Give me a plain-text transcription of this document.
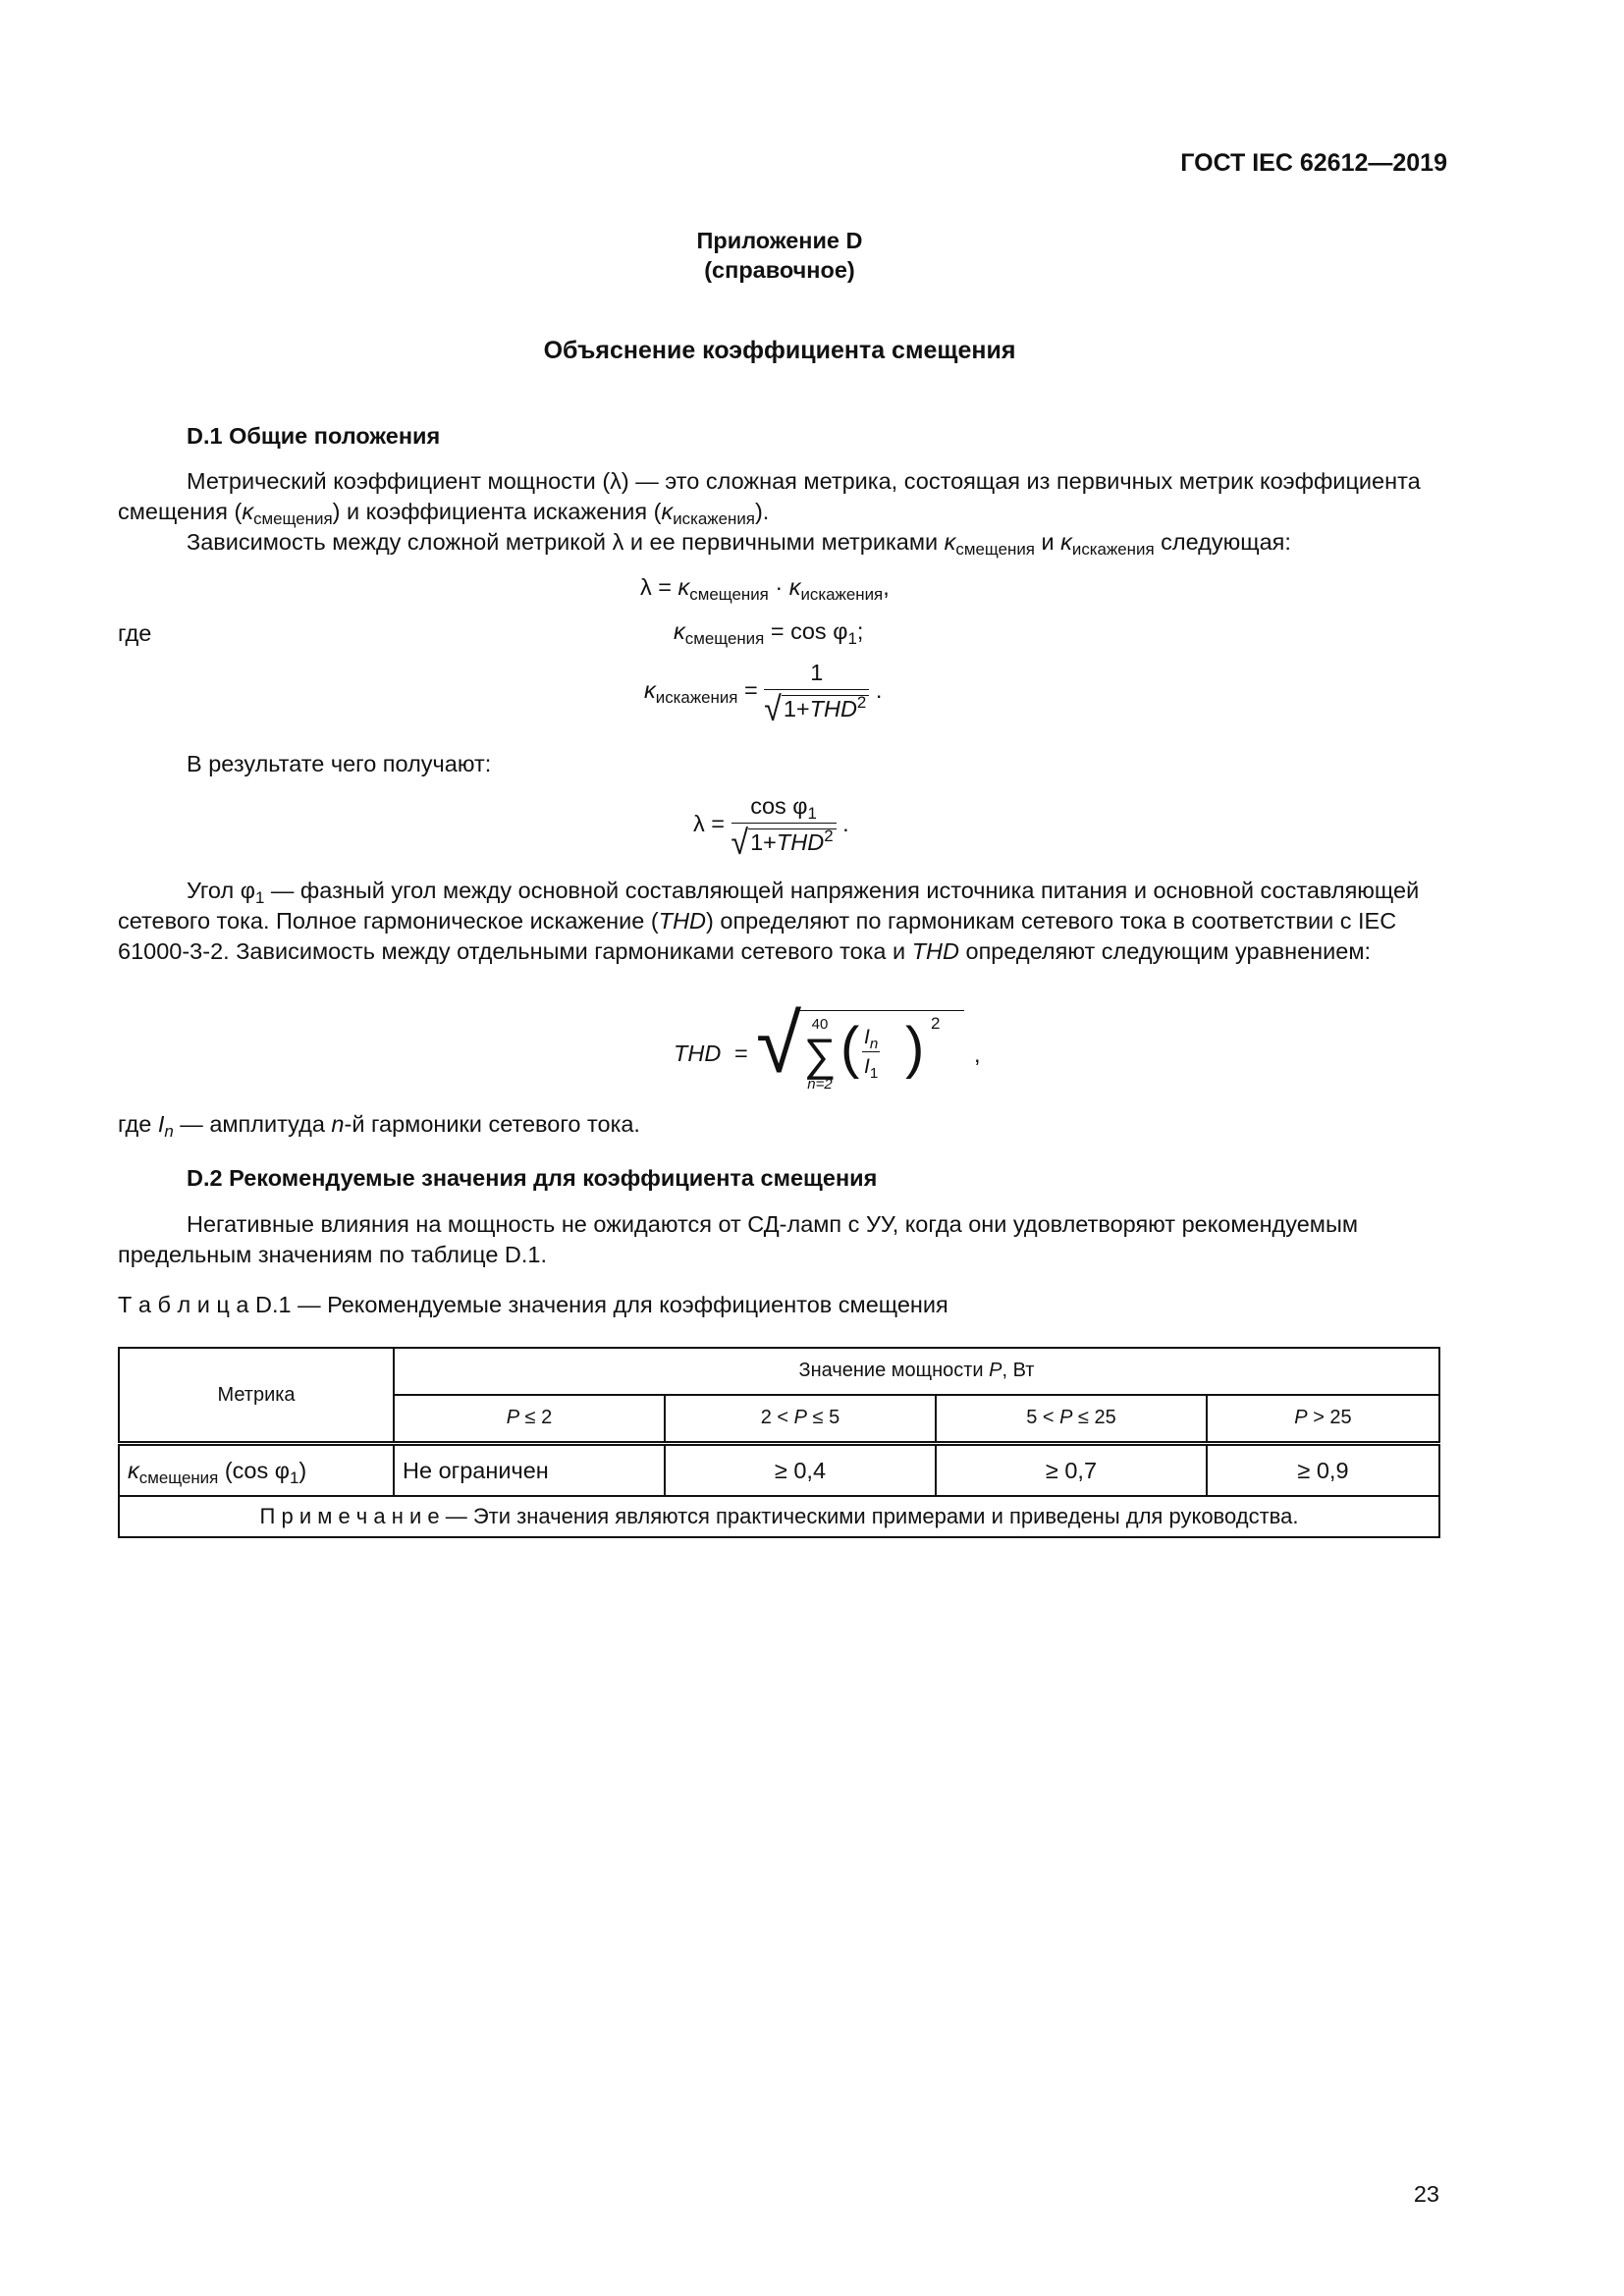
ГОСТ IEC 62612—2019
Приложение D
(справочное)
Объяснение коэффициента смещения
D.1 Общие положения
Метрический коэффициент мощности (λ) — это сложная метрика, состоящая из первичных метрик коэффициента смещения $(\kappa_{смещения})$ и коэффициента искажения $(\kappa_{искажения})$.
Зависимость между сложной метрикой λ и ее первичными метриками $\kappa_{смещения}$ и $\kappa_{искажения}$ следующая:
$\lambda = \kappa_{смещения} \cdot \kappa_{искажения}$,
где	$\kappa_{смещения} = \cos \varphi_1$;
$\kappa_{искажения} = \frac{1}{√1+THD^2}$ .
В результате чего получают:
$\lambda = \frac{\cos \varphi_1}{√1+THD^2}$ .
Угол $\varphi_1$ — фазный угол между основной составляющей напряжения источника питания и основной составляющей сетевого тока. Полное гармоническое искажение (THD) определяют по гармоникам сетевого тока в соответствии с IEC 61000-3-2. Зависимость между отдельными гармониками сетевого тока и THD определяют следующим уравнением:
THD = √ 40
∑
n=2
( $\frac{I_n}{I_1}$ ) 2
,
где $I_n$ — амплитуда n-й гармоники сетевого тока.
D.2 Рекомендуемые значения для коэффициента смещения
Негативные влияния на мощность не ожидаются от СД-ламп с УУ, когда они удовлетворяют рекомендуемым предельным значениям по таблице D.1.
Т а б л и ц а D.1 — Рекомендуемые значения для коэффициентов смещения
Метрика	Значение мощности P, Вт			
	P ≤ 2	2 < P ≤ 5	5 < P ≤ 25	P > 25
$\kappa_{смещения}$ (cos $\varphi_1$)	Не ограничен	≥ 0,4	≥ 0,7	≥ 0,9
П р и м е ч а н и е — Эти значения являются практическими примерами и приведены для руководства.				
23
